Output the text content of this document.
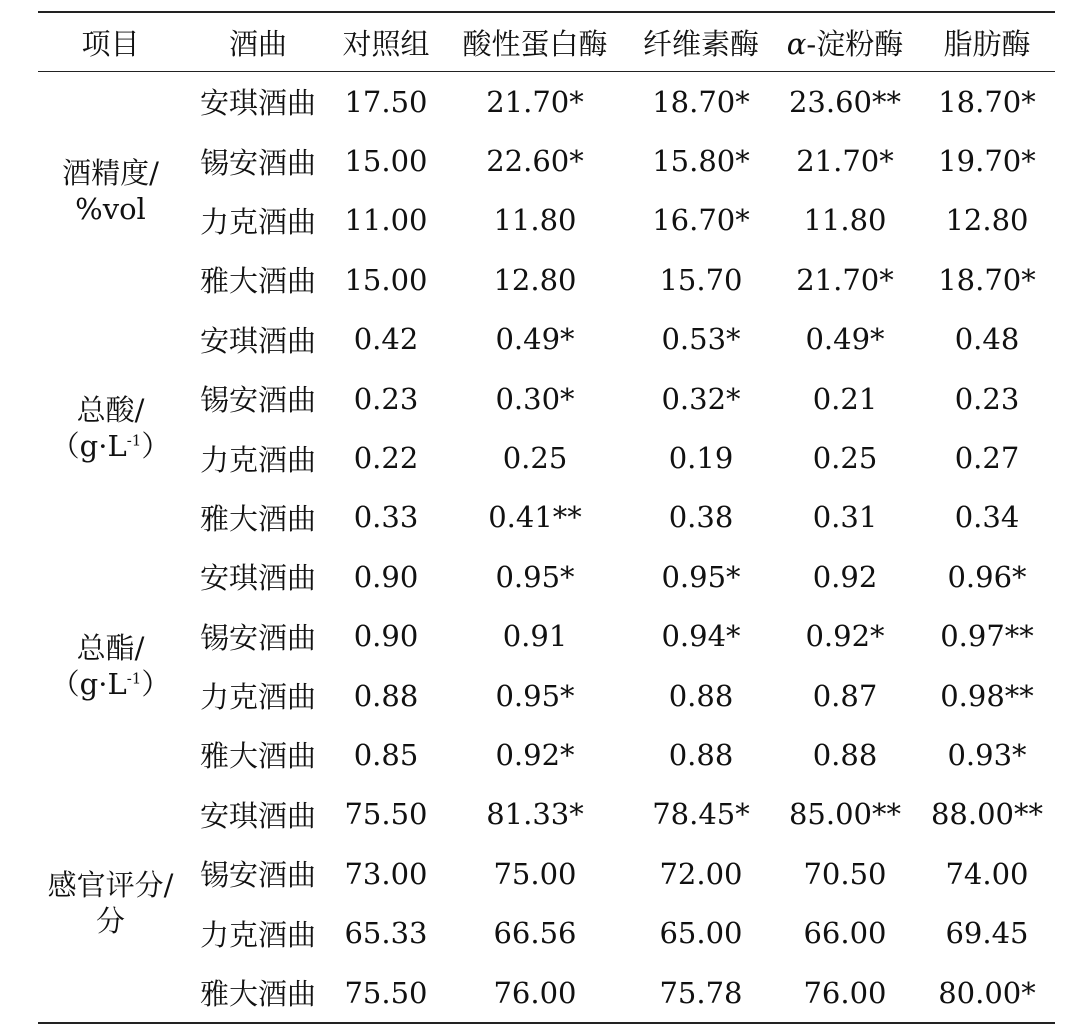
项目	酒曲	对照组	酸性蛋白酶	纤维素酶	α-淀粉酶	脂肪酶

酒精度/
%vol	安琪酒曲	17.50	21.70*	18.70*	23.60**	18.70*
	锡安酒曲	15.00	22.60*	15.80*	21.70*	19.70*
	力克酒曲	11.00	11.80	16.70*	11.80	12.80
	雅大酒曲	15.00	12.80	15.70	21.70*	18.70*

总酸/
$(g\cdot L^{-1})$	安琪酒曲	0.42	0.49*	0.53*	0.49*	0.48
	锡安酒曲	0.23	0.30*	0.32*	0.21	0.23
	力克酒曲	0.22	0.25	0.19	0.25	0.27
	雅大酒曲	0.33	0.41**	0.38	0.31	0.34

总酯/
$(g\cdot L^{-1})$	安琪酒曲	0.90	0.95*	0.95*	0.92	0.96*
	锡安酒曲	0.90	0.91	0.94*	0.92*	0.97**
	力克酒曲	0.88	0.95*	0.88	0.87	0.98**
	雅大酒曲	0.85	0.92*	0.88	0.88	0.93*

感官评分/
分	安琪酒曲	75.50	81.33*	78.45*	85.00**	88.00**
	锡安酒曲	73.00	75.00	72.00	70.50	74.00
	力克酒曲	65.33	66.56	65.00	66.00	69.45
	雅大酒曲	75.50	76.00	75.78	76.00	80.00*
